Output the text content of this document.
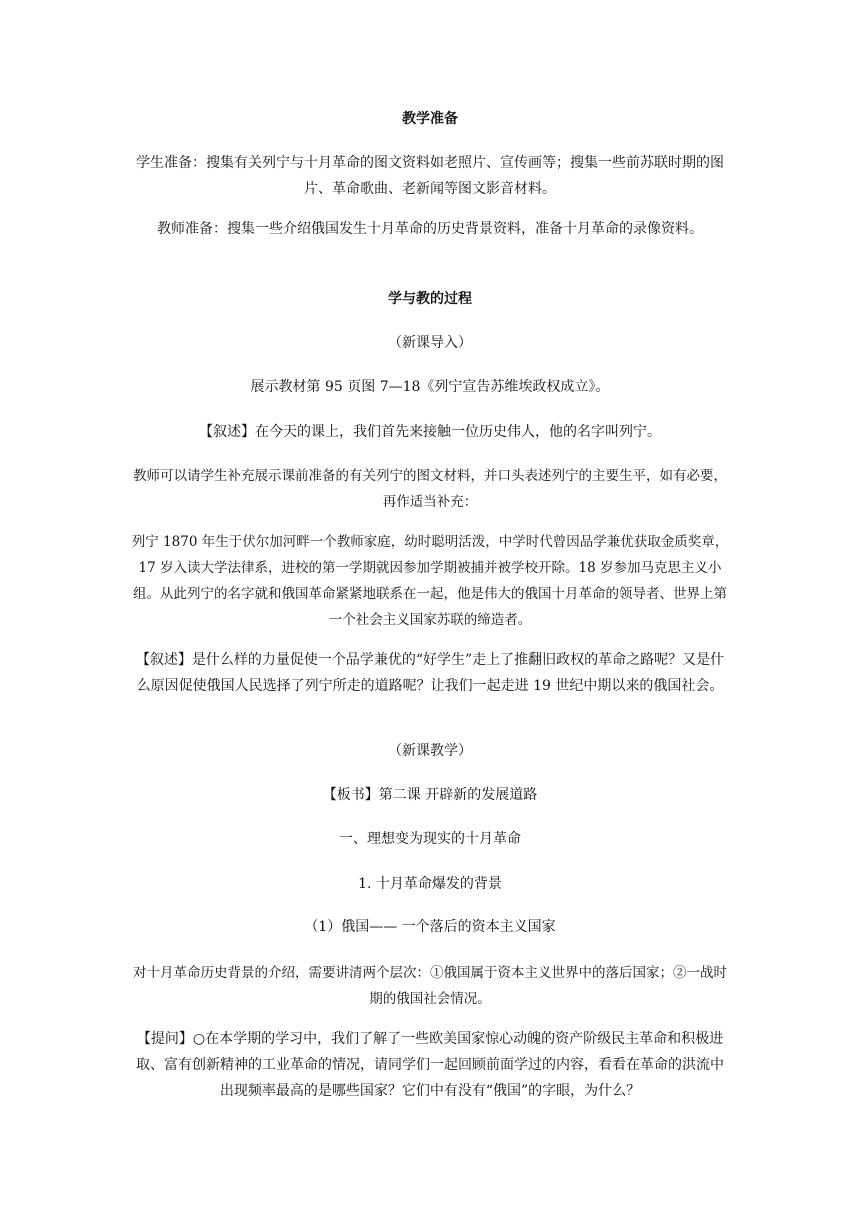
教学准备
学生准备：搜集有关列宁与十月革命的图文资料如老照片、宣传画等；搜集一些前苏联时期的图片、革命歌曲、老新闻等图文影音材料。
教师准备：搜集一些介绍俄国发生十月革命的历史背景资料，准备十月革命的录像资料。
学与教的过程
（新课导入）
展示教材第 95 页图 7—18《列宁宣告苏维埃政权成立》。
【叙述】在今天的课上，我们首先来接触一位历史伟人，他的名字叫列宁。
教师可以请学生补充展示课前准备的有关列宁的图文材料，并口头表述列宁的主要生平，如有必要，再作适当补充：
列宁 1870 年生于伏尔加河畔一个教师家庭，幼时聪明活泼，中学时代曾因品学兼优获取金质奖章，17 岁入读大学法律系，进校的第一学期就因参加学期被捕并被学校开除。18 岁参加马克思主义小组。从此列宁的名字就和俄国革命紧紧地联系在一起，他是伟大的俄国十月革命的领导者、世界上第一个社会主义国家苏联的缔造者。
【叙述】是什么样的力量促使一个品学兼优的“好学生”走上了推翻旧政权的革命之路呢？又是什么原因促使俄国人民选择了列宁所走的道路呢？让我们一起走进 19 世纪中期以来的俄国社会。
（新课教学）
【板书】第二课 开辟新的发展道路
一、理想变为现实的十月革命
1. 十月革命爆发的背景
（1）俄国—— 一个落后的资本主义国家
对十月革命历史背景的介绍，需要讲清两个层次：①俄国属于资本主义世界中的落后国家；②一战时期的俄国社会情况。
【提问】○在本学期的学习中，我们了解了一些欧美国家惊心动魄的资产阶级民主革命和积极进取、富有创新精神的工业革命的情况，请同学们一起回顾前面学过的内容，看看在革命的洪流中出现频率最高的是哪些国家？它们中有没有“俄国”的字眼，为什么？
